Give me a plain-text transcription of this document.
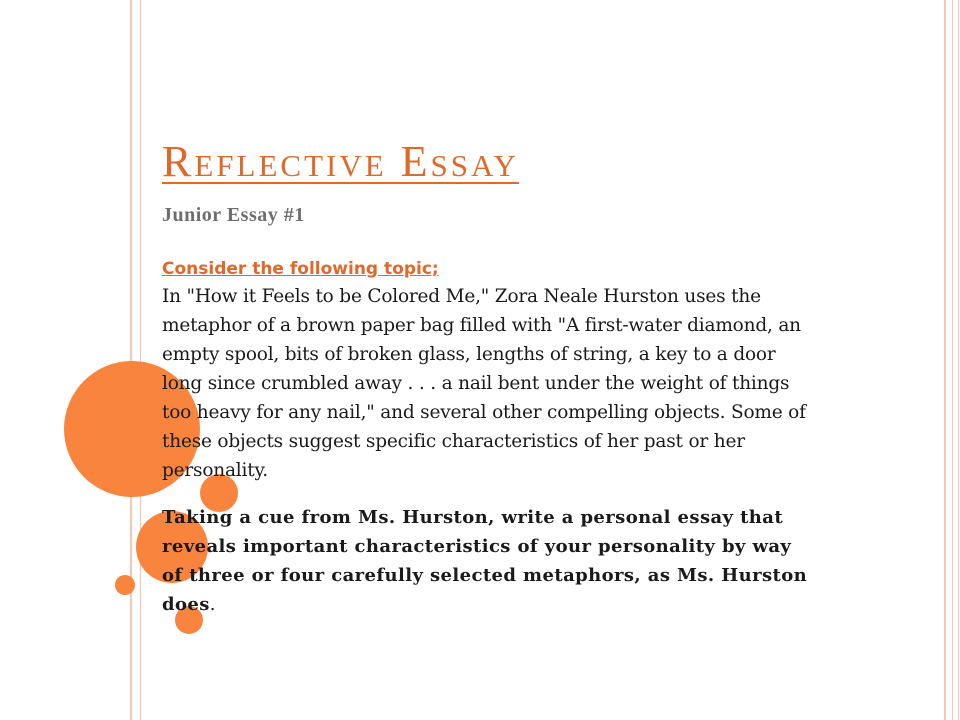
Reflective Essay
Junior Essay #1
Consider the following topic;

In "How it Feels to be Colored Me," Zora Neale Hurston uses the metaphor of a brown paper bag filled with "A first-water diamond, an empty spool, bits of broken glass, lengths of string, a key to a door long since crumbled away . . . a nail bent under the weight of things too heavy for any nail," and several other compelling objects. Some of these objects suggest specific characteristics of her past or her personality.

Taking a cue from Ms. Hurston, write a personal essay that reveals important characteristics of your personality by way of three or four carefully selected metaphors, as Ms. Hurston does.
